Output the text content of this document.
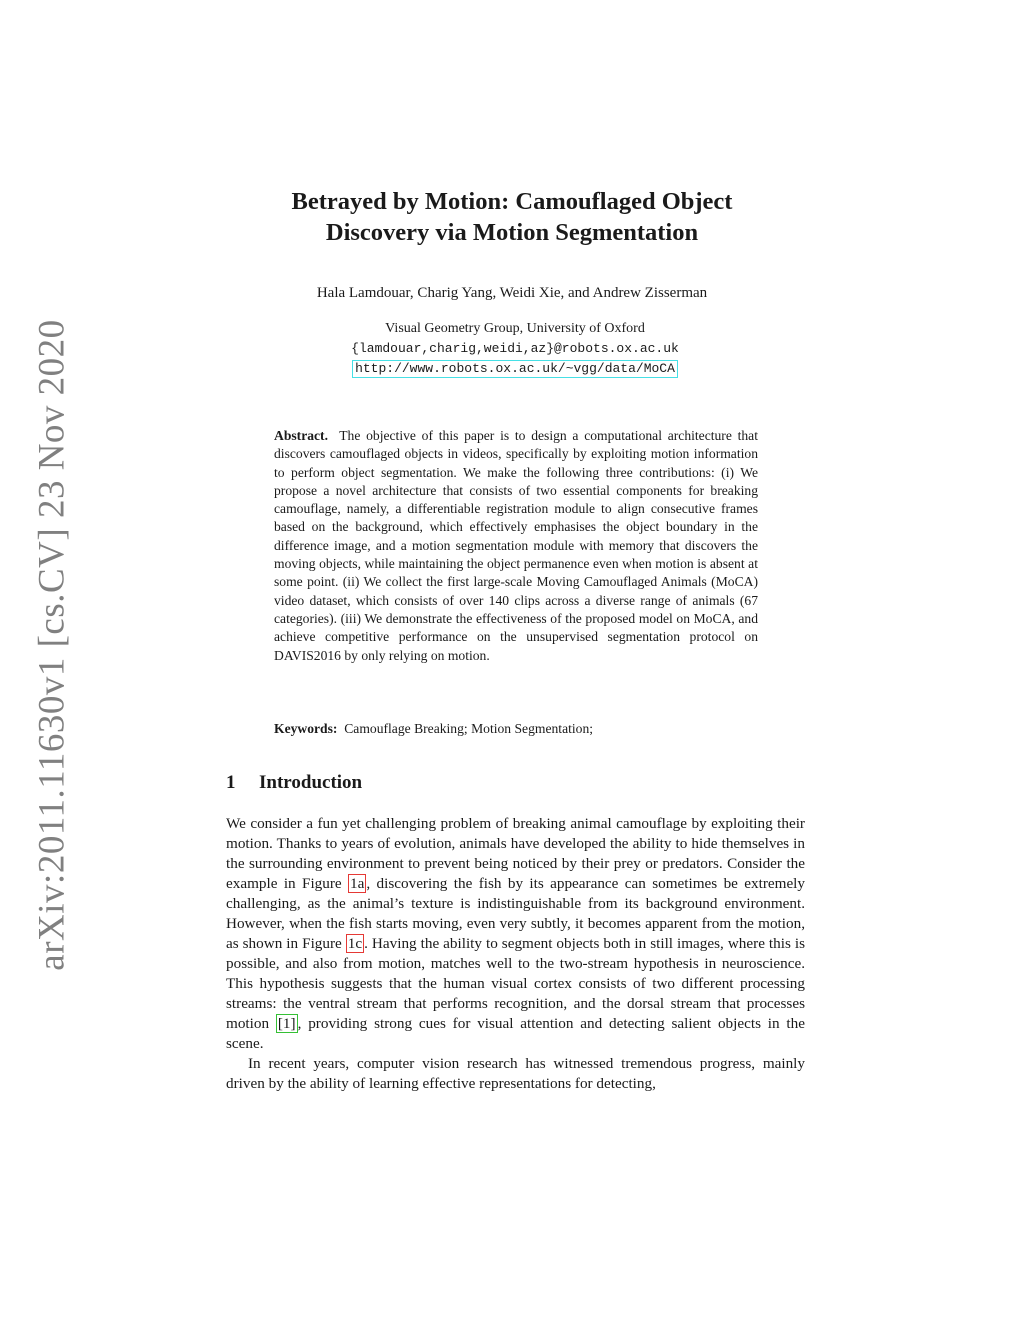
arXiv:2011.11630v1 [cs.CV] 23 Nov 2020
Betrayed by Motion: Camouflaged Object
Discovery via Motion Segmentation
Hala Lamdouar, Charig Yang, Weidi Xie, and Andrew Zisserman
Visual Geometry Group, University of Oxford
{lamdouar,charig,weidi,az}@robots.ox.ac.uk
http://www.robots.ox.ac.uk/~vgg/data/MoCA
Abstract. The objective of this paper is to design a computational architecture that discovers camouflaged objects in videos, specifically by exploiting motion information to perform object segmentation. We make the following three contributions: (i) We propose a novel architecture that consists of two essential components for breaking camouflage, namely, a differentiable registration module to align consecutive frames based on the background, which effectively emphasises the object boundary in the difference image, and a motion segmentation module with memory that discovers the moving objects, while maintaining the object permanence even when motion is absent at some point. (ii) We collect the first large-scale Moving Camouflaged Animals (MoCA) video dataset, which consists of over 140 clips across a diverse range of animals (67 categories). (iii) We demonstrate the effectiveness of the proposed model on MoCA, and achieve competitive performance on the unsupervised segmentation protocol on DAVIS2016 by only relying on motion.
Keywords: Camouflage Breaking; Motion Segmentation;
1 Introduction

We consider a fun yet challenging problem of breaking animal camouflage by exploiting their motion. Thanks to years of evolution, animals have developed the ability to hide themselves in the surrounding environment to prevent being noticed by their prey or predators. Consider the example in Figure 1a , discovering the fish by its appearance can sometimes be extremely challenging, as the animal’s texture is indistinguishable from its background environment. However, when the fish starts moving, even very subtly, it becomes apparent from the motion, as shown in Figure 1c . Having the ability to segment objects both in still images, where this is possible, and also from motion, matches well to the two-stream hypothesis in neuroscience. This hypothesis suggests that the human visual cortex consists of two different processing streams: the ventral stream that performs recognition, and the dorsal stream that processes motion [1] , providing strong cues for visual attention and detecting salient objects in the scene.

In recent years, computer vision research has witnessed tremendous progress, mainly driven by the ability of learning effective representations for detecting,
